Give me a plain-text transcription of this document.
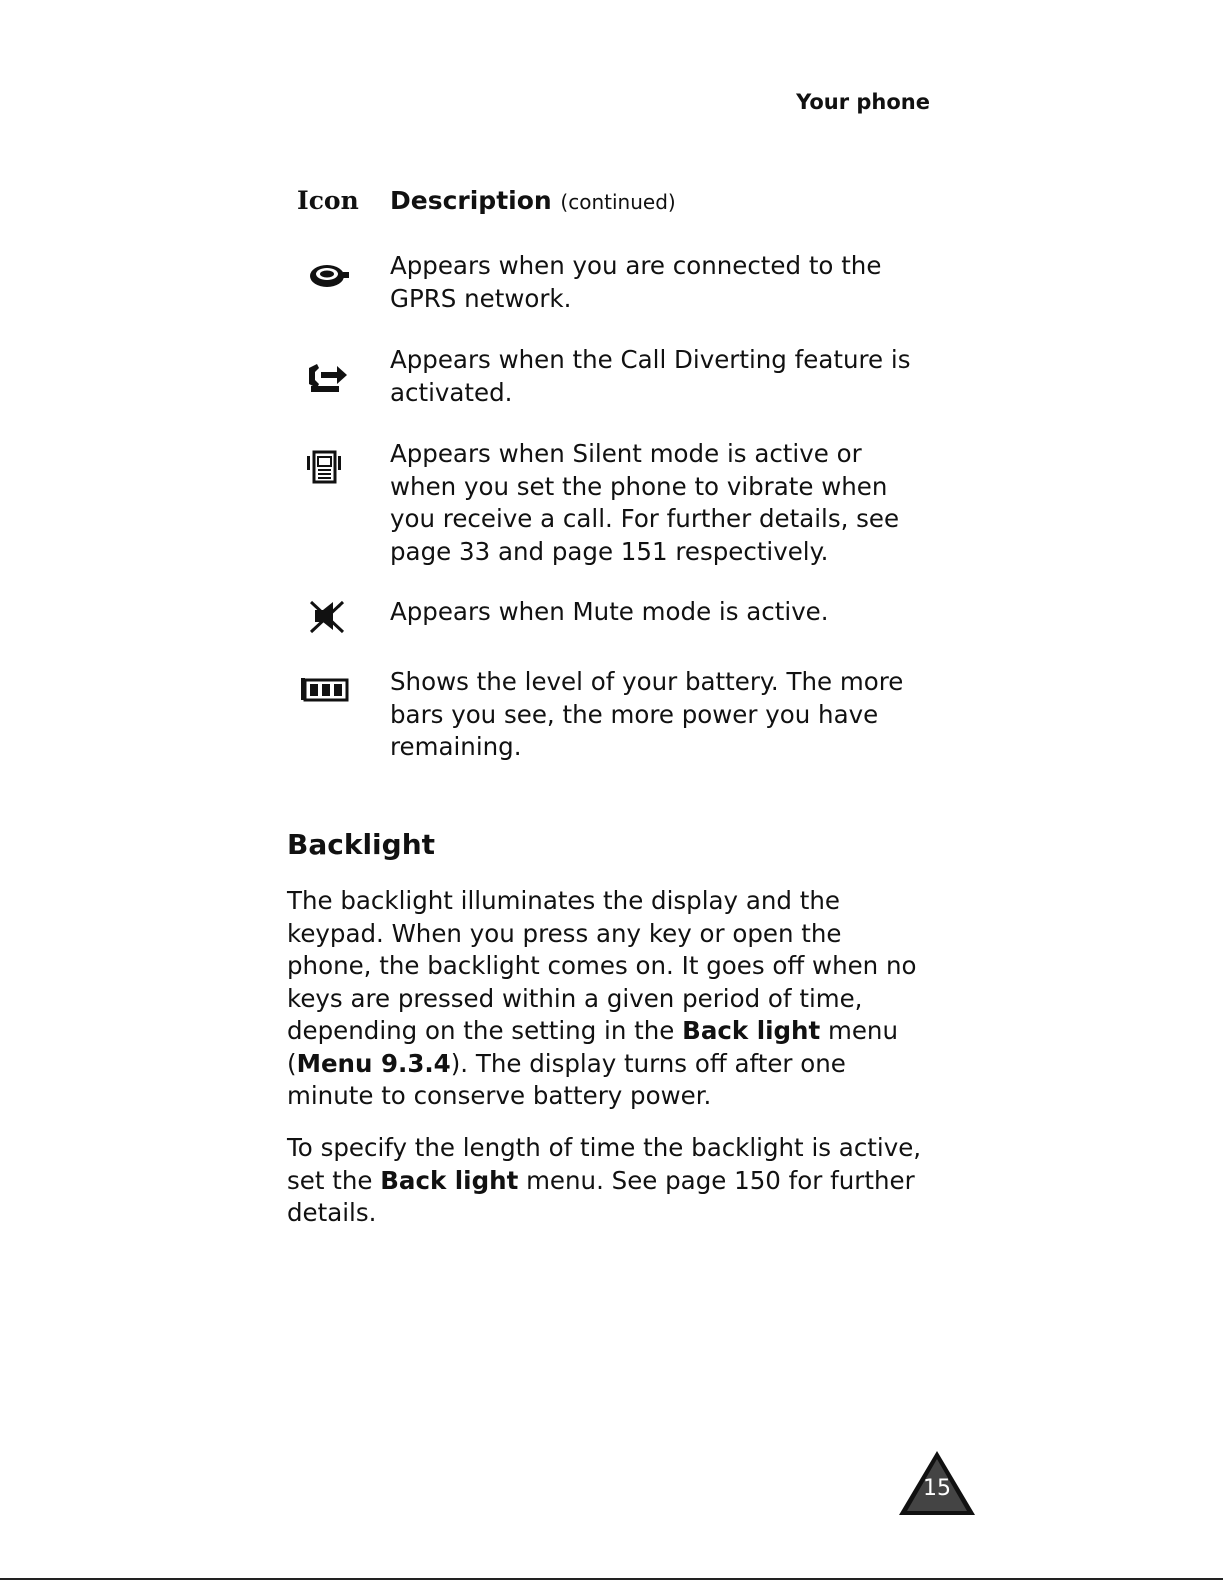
Your phone
Icon Description (continued)
Appears when you are connected to the
GPRS network.
Appears when the Call Diverting feature is
activated.
Appears when Silent mode is active or
when you set the phone to vibrate when
you receive a call. For further details, see
page 33 and page 151 respectively.
Appears when Mute mode is active.
Shows the level of your battery. The more
bars you see, the more power you have
remaining.
Backlight
The backlight illuminates the display and the
keypad. When you press any key or open the
phone, the backlight comes on. It goes off when no
keys are pressed within a given period of time,
depending on the setting in the Back light menu
(Menu 9.3.4). The display turns off after one
minute to conserve battery power.
To specify the length of time the backlight is active,
set the Back light menu. See page 150 for further
details.
15
